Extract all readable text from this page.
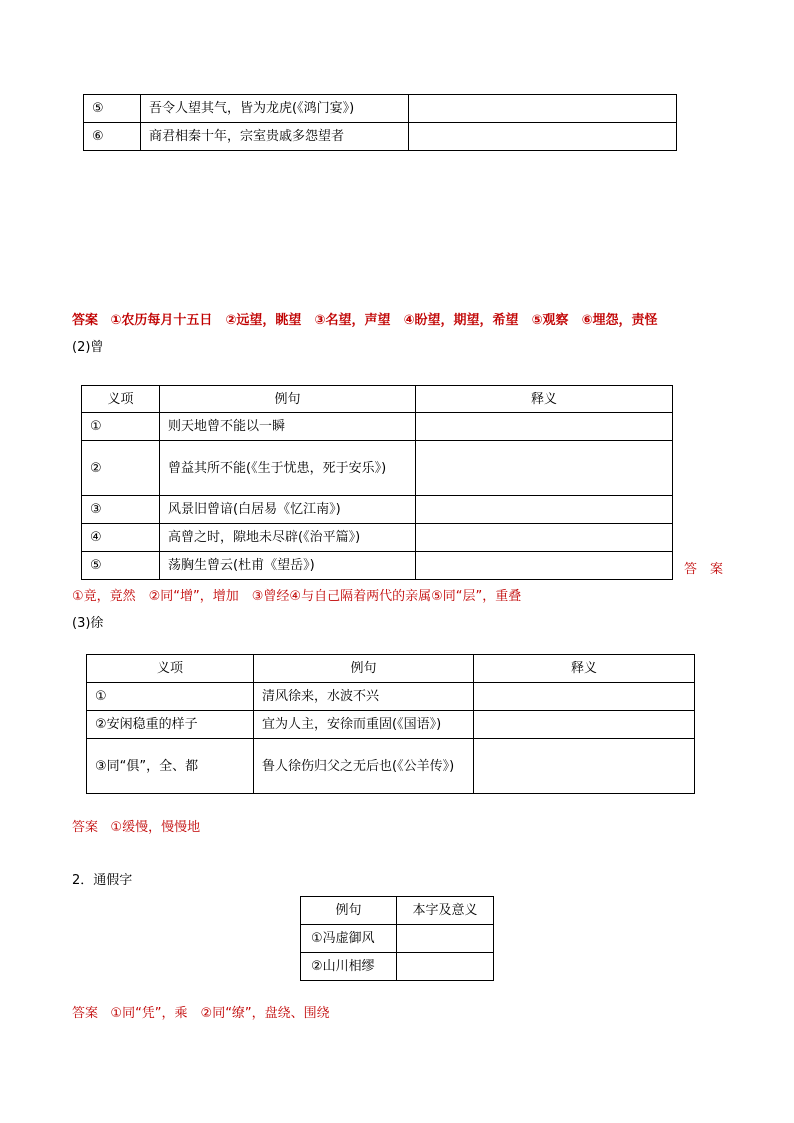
⑤	吾令人望其气，皆为龙虎(《鸿门宴》)	
⑥	商君相秦十年，宗室贵戚多怨望者	
答案 ①农历每月十五日　②远望，眺望　③名望，声望　④盼望，期望，希望　⑤观察　⑥埋怨，责怪
(2)曾
义项	例句	释义
①	则天地曾不能以一瞬	
②	曾益其所不能(《生于忧患，死于安乐》)	
③	风景旧曾谙(白居易《忆江南》)	
④	高曾之时，隙地未尽辟(《治平篇》)	
⑤	荡胸生曾云(杜甫《望岳》)		答　案
①竟，竟然　②同“增”，增加　③曾经④与自己隔着两代的亲属⑤同“层”，重叠
(3)徐
义项	例句	释义
①	清风徐来，水波不兴	
②安闲稳重的样子	宜为人主，安徐而重固(《国语》)	
③同“俱”，全、都	鲁人徐伤归父之无后也(《公羊传》)	
答案 ①缓慢，慢慢地
2．通假字
例句	本字及意义
①冯虚御风	
②山川相缪	
答案 ①同“凭”，乘　②同“缭”，盘绕、围绕
